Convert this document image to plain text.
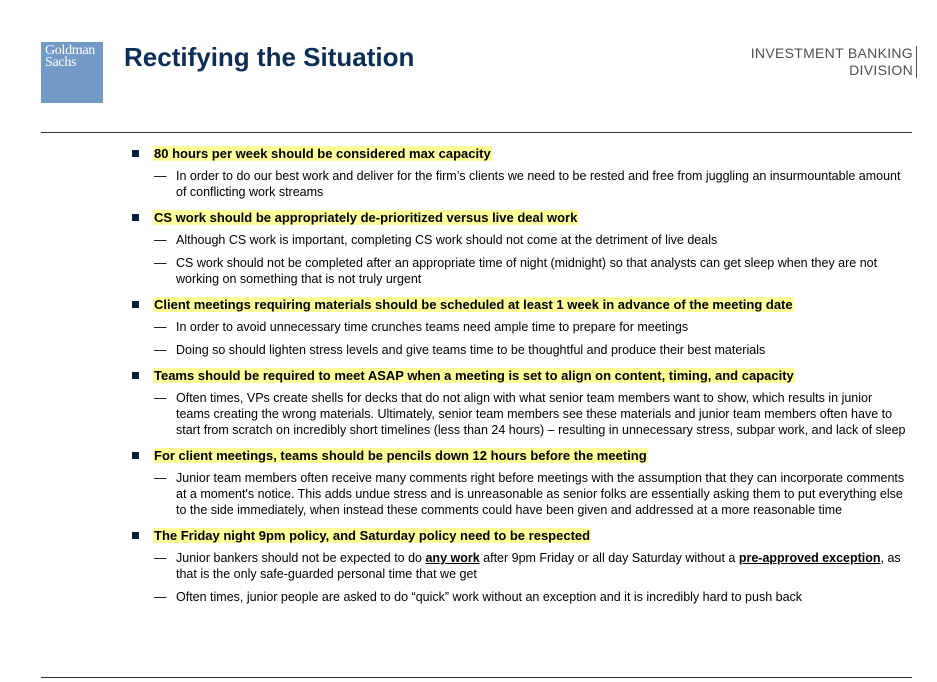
Goldman
Sachs	Rectifying the Situation	INVESTMENT BANKING
DIVISION
80 hours per week should be considered max capacity
— In order to do our best work and deliver for the firm’s clients we need to be rested and free from juggling an insurmountable amount of conflicting work streams
CS work should be appropriately de-prioritized versus live deal work
— Although CS work is important, completing CS work should not come at the detriment of live deals
— CS work should not be completed after an appropriate time of night (midnight) so that analysts can get sleep when they are not working on something that is not truly urgent
Client meetings requiring materials should be scheduled at least 1 week in advance of the meeting date
— In order to avoid unnecessary time crunches teams need ample time to prepare for meetings
— Doing so should lighten stress levels and give teams time to be thoughtful and produce their best materials
Teams should be required to meet ASAP when a meeting is set to align on content, timing, and capacity
— Often times, VPs create shells for decks that do not align with what senior team members want to show, which results in junior teams creating the wrong materials. Ultimately, senior team members see these materials and junior team members often have to start from scratch on incredibly short timelines (less than 24 hours) – resulting in unnecessary stress, subpar work, and lack of sleep
For client meetings, teams should be pencils down 12 hours before the meeting
— Junior team members often receive many comments right before meetings with the assumption that they can incorporate comments at a moment's notice. This adds undue stress and is unreasonable as senior folks are essentially asking them to put everything else to the side immediately, when instead these comments could have been given and addressed at a more reasonable time
The Friday night 9pm policy, and Saturday policy need to be respected
— Junior bankers should not be expected to do any work after 9pm Friday or all day Saturday without a pre-approved exception, as that is the only safe-guarded personal time that we get
— Often times, junior people are asked to do “quick” work without an exception and it is incredibly hard to push back
